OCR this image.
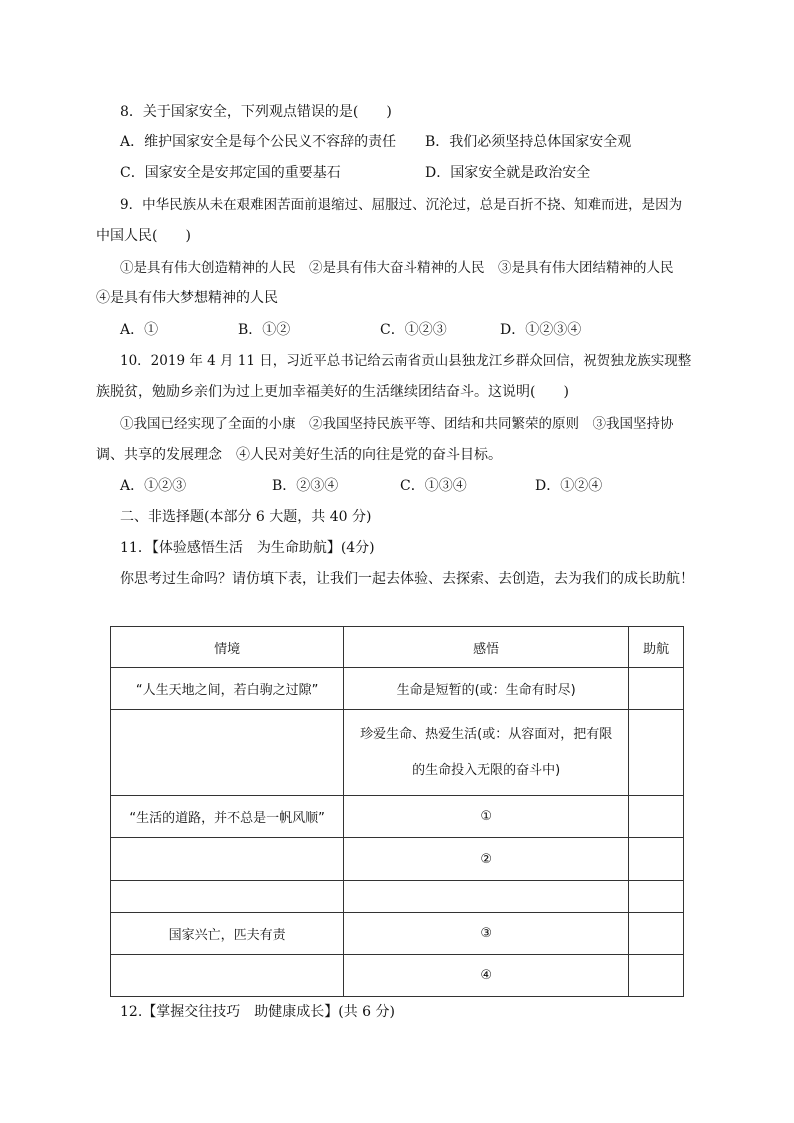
8．关于国家安全，下列观点错误的是(　　)
A．维护国家安全是每个公民义不容辞的责任 B．我们必须坚持总体国家安全观
C．国家安全是安邦定国的重要基石	D．国家安全就是政治安全
9．中华民族从未在艰难困苦面前退缩过、屈服过、沉沦过，总是百折不挠、知难而进，是因为
中国人民(　　)
①是具有伟大创造精神的人民　②是具有伟大奋斗精神的人民　③是具有伟大团结精神的人民
④是具有伟大梦想精神的人民
A．①	B．①②	C．①②③	D．①②③④
10．2019 年 4 月 11 日，习近平总书记给云南省贡山县独龙江乡群众回信，祝贺独龙族实现整
族脱贫，勉励乡亲们为过上更加幸福美好的生活继续团结奋斗。这说明(　　)
①我国已经实现了全面的小康　②我国坚持民族平等、团结和共同繁荣的原则　③我国坚持协
调、共享的发展理念　④人民对美好生活的向往是党的奋斗目标。
A．①②③	B．②③④	C．①③④	D．①②④
二、非选择题(本部分 6 大题，共 40 分)
11．【体验感悟生活　为生命助航】(4分)
你思考过生命吗？请仿填下表，让我们一起去体验、去探索、去创造，去为我们的成长助航！
情境	感悟	助航
“人生天地之间，若白驹之过隙”	生命是短暂的(或：生命有时尽)	

	珍爱生命、热爱生活(或：从容面对，把有限
的生命投入无限的奋斗中)	

“生活的道路，并不总是一帆风顺”	①	
	②	

国家兴亡，匹夫有责	③	
	④	
12.【掌握交往技巧　助健康成长】(共 6 分)
